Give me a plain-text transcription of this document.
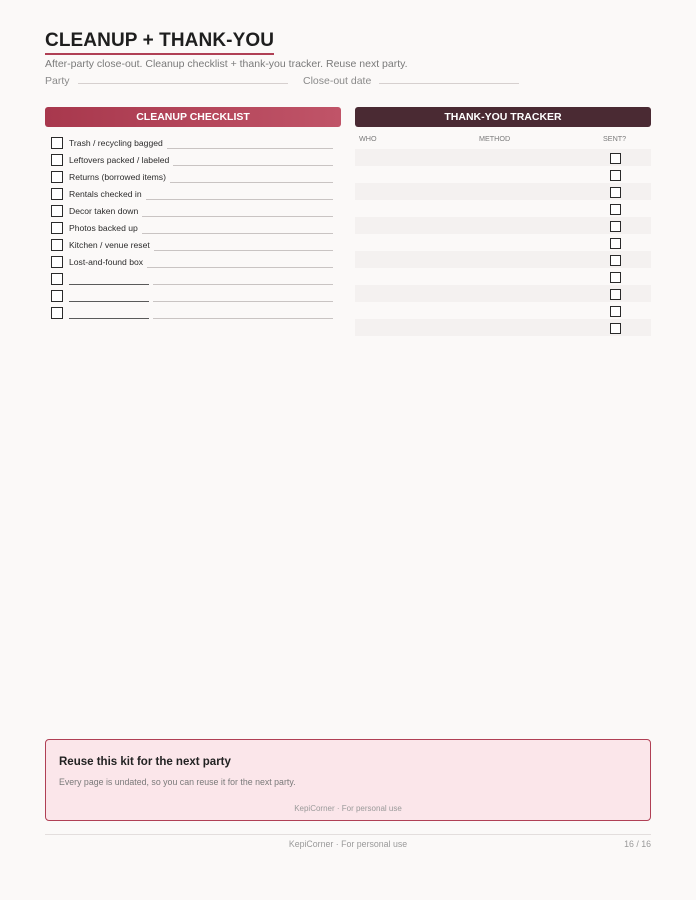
CLEANUP + THANK-YOU
After-party close-out. Cleanup checklist + thank-you tracker. Reuse next party.
Party	Close-out date
CLEANUP CHECKLIST
Trash / recycling bagged
Leftovers packed / labeled
Returns (borrowed items)
Rentals checked in
Decor taken down
Photos backed up
Kitchen / venue reset
Lost-and-found box
THANK-YOU TRACKER
WHO	METHOD	SENT?
Reuse this kit for the next party
Every page is undated, so you can reuse it for the next party.
KepiCorner · For personal use
KepiCorner · For personal use	16 / 16
